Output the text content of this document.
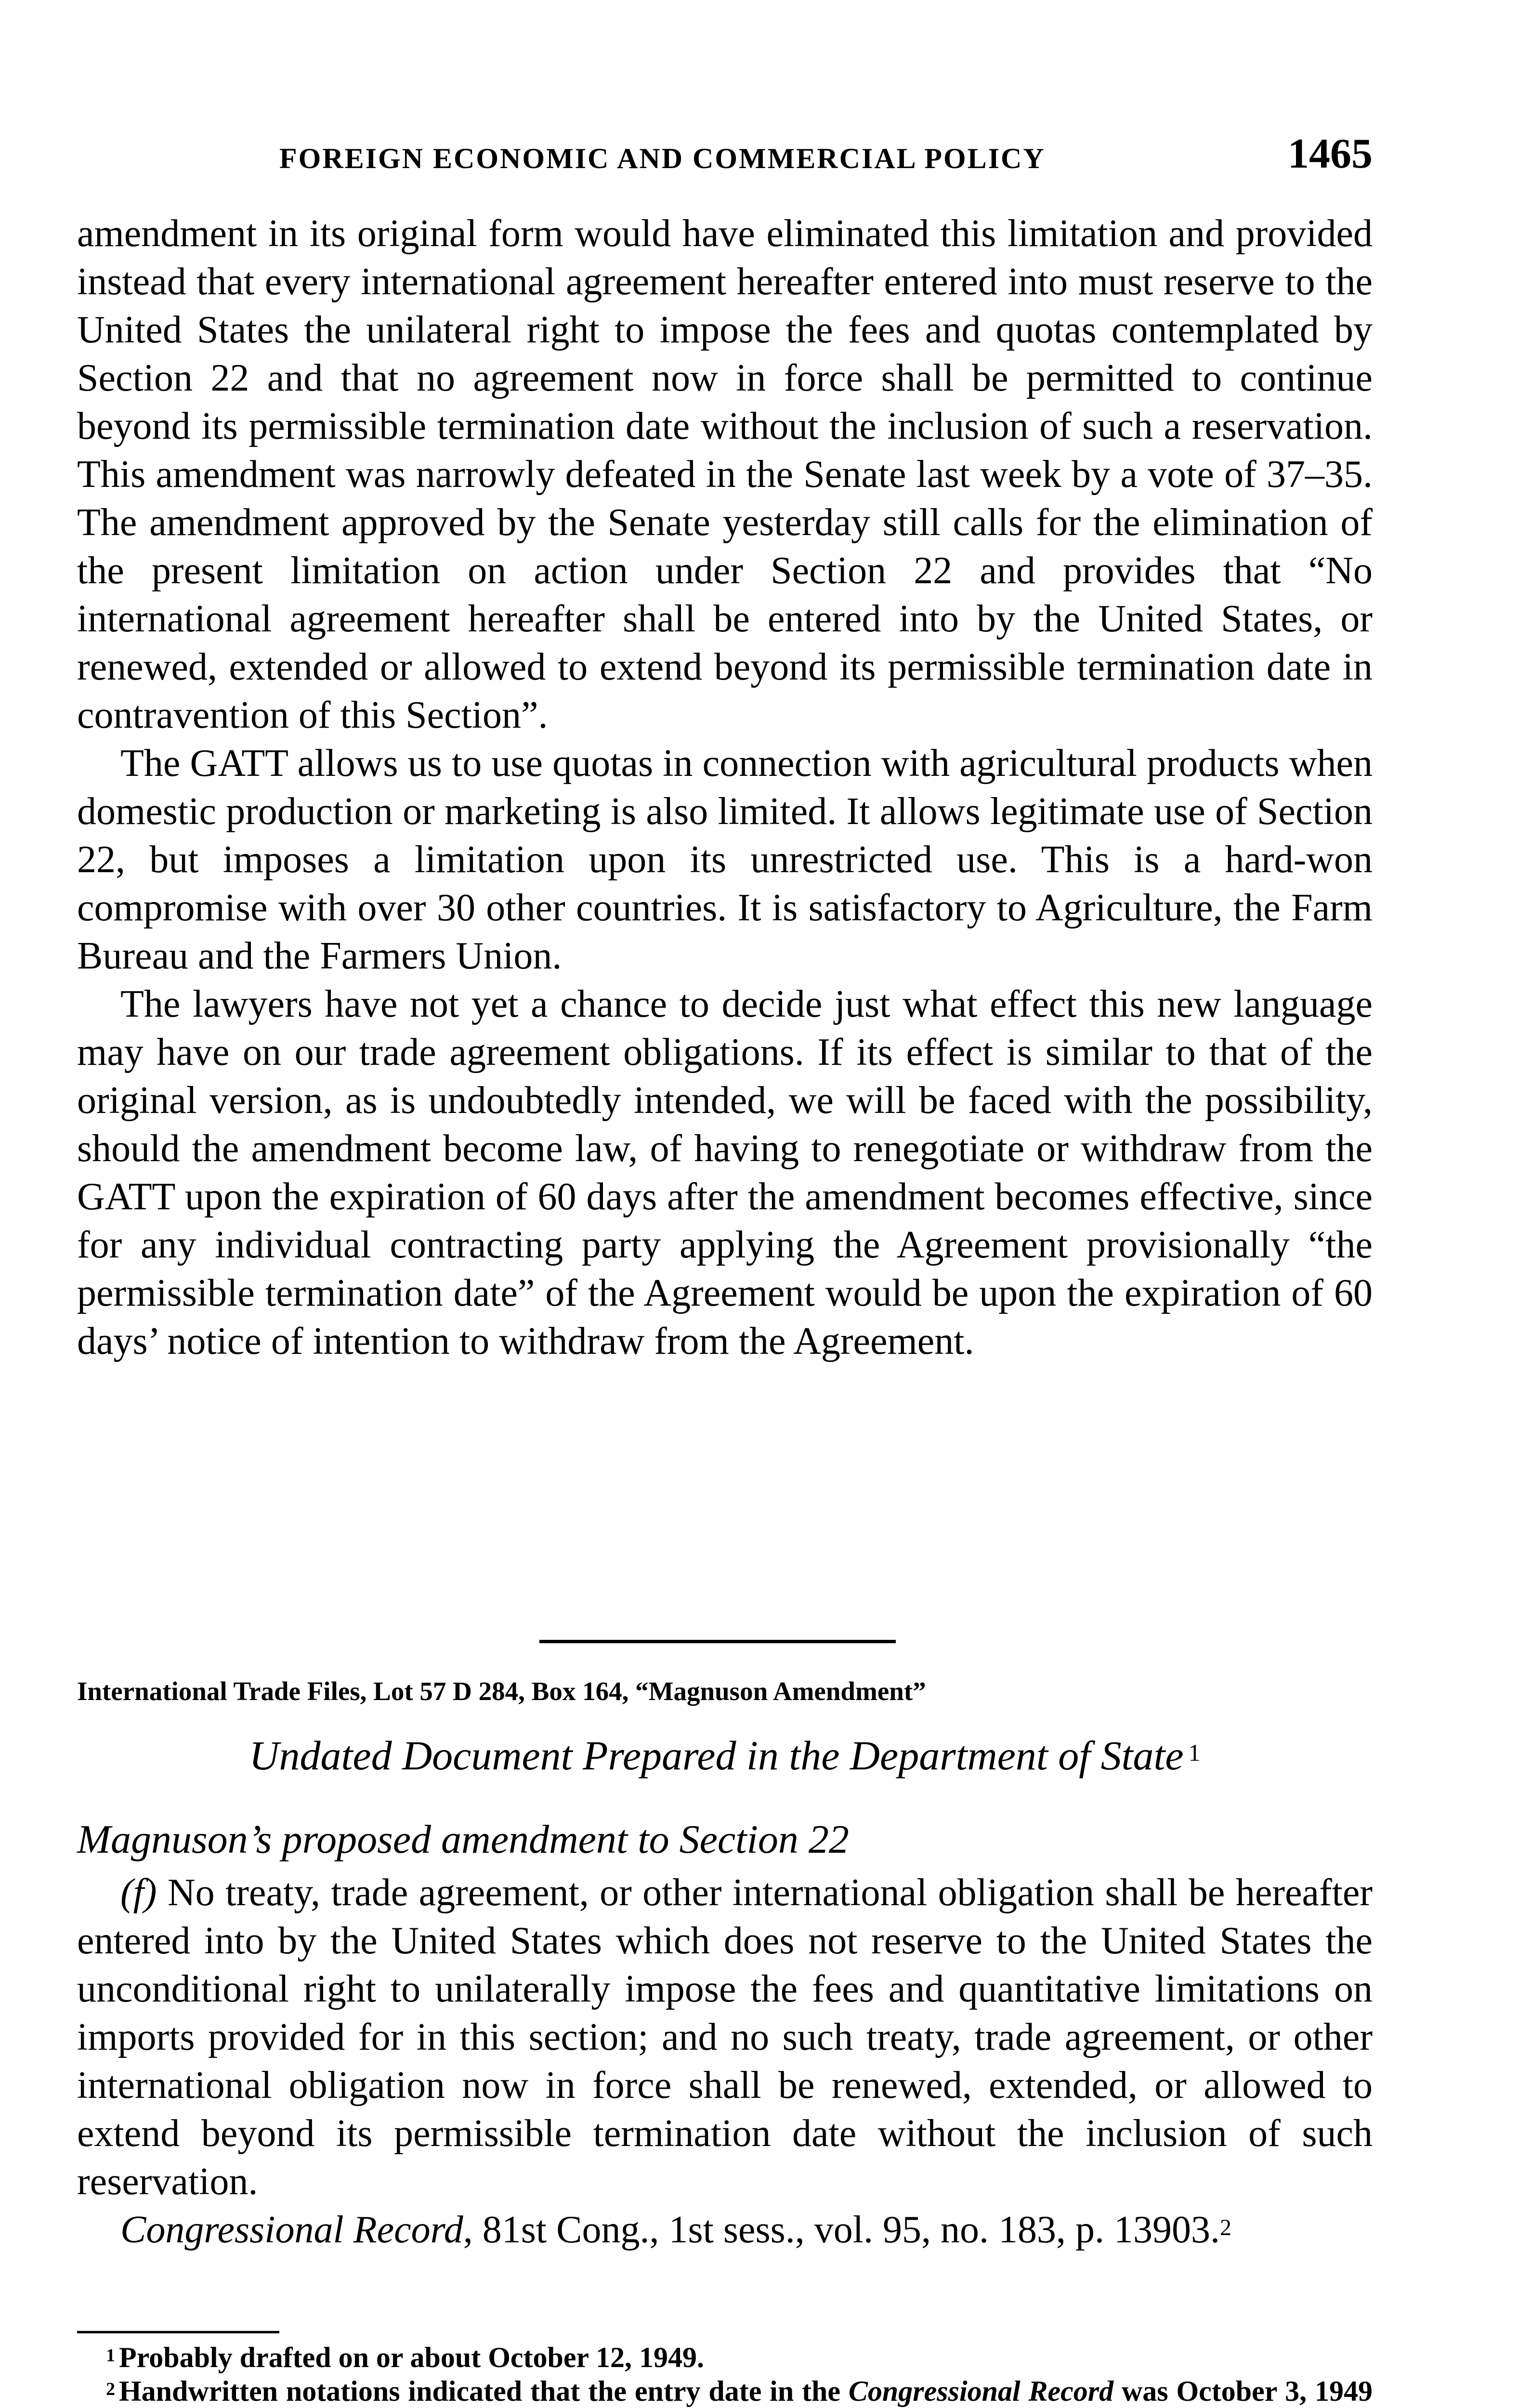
FOREIGN ECONOMIC AND COMMERCIAL POLICY	1465

amendment in its original form would have eliminated this limitation and provided instead that every international agreement hereafter entered into must reserve to the United States the unilateral right to impose the fees and quotas contemplated by Section 22 and that no agreement now in force shall be permitted to continue beyond its permissible termination date without the inclusion of such a reservation. This amendment was narrowly defeated in the Senate last week by a vote of 37–35. The amendment approved by the Senate yesterday still calls for the elimination of the present limitation on action under Section 22 and provides that “No international agreement hereafter shall be entered into by the United States, or renewed, extended or allowed to extend beyond its permissible termination date in contravention of this Section”.

The GATT allows us to use quotas in connection with agricultural products when domestic production or marketing is also limited. It allows legitimate use of Section 22, but imposes a limitation upon its unrestricted use. This is a hard-won compromise with over 30 other countries. It is satisfactory to Agriculture, the Farm Bureau and the Farmers Union.

The lawyers have not yet a chance to decide just what effect this new language may have on our trade agreement obligations. If its effect is similar to that of the original version, as is undoubtedly intended, we will be faced with the possibility, should the amendment become law, of having to renegotiate or withdraw from the GATT upon the expiration of 60 days after the amendment becomes effective, since for any individual contracting party applying the Agreement provisionally “the permissible termination date” of the Agreement would be upon the expiration of 60 days’ notice of intention to withdraw from the Agreement.

International Trade Files, Lot 57 D 284, Box 164, “Magnuson Amendment”
Undated Document Prepared in the Department of State $^1$
Magnuson’s proposed amendment to Section 22

(f) No treaty, trade agreement, or other international obligation shall be hereafter entered into by the United States which does not reserve to the United States the unconditional right to unilaterally impose the fees and quantitative limitations on imports provided for in this section; and no such treaty, trade agreement, or other international obligation now in force shall be renewed, extended, or allowed to extend beyond its permissible termination date without the inclusion of such reservation.

Congressional Record, 81st Cong., 1st sess., vol. 95, no. 183, p. 13903.$^2$

$^1$ Probably drafted on or about October 12, 1949.

$^2$ Handwritten notations indicated that the entry date in the Congressional Record was October 3, 1949
